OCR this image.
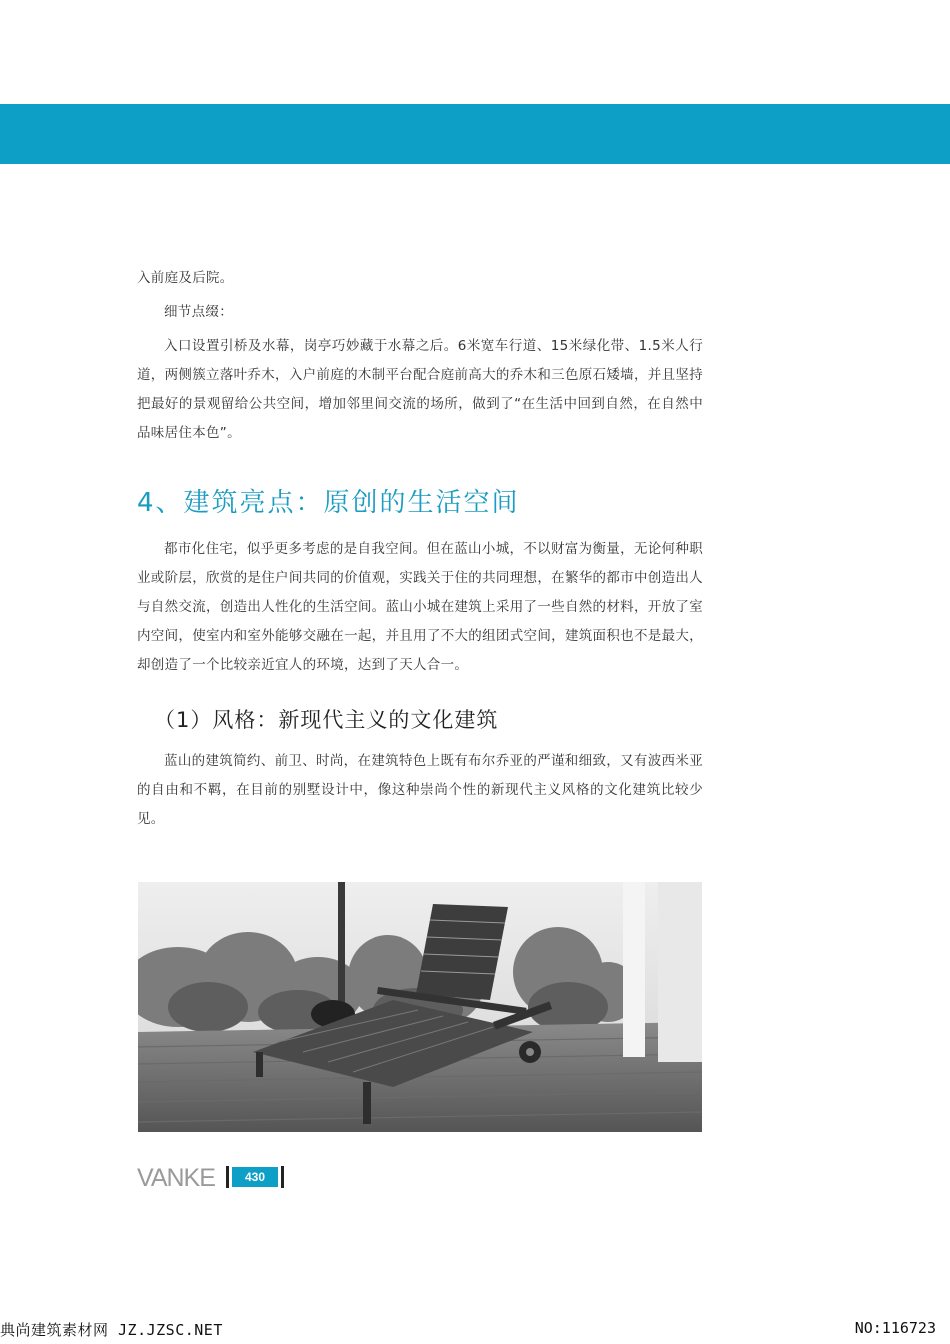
入前庭及后院。

细节点缀：

入口设置引桥及水幕，岗亭巧妙藏于水幕之后。6米宽车行道、15米绿化带、1.5米人行道，两侧簇立落叶乔木，入户前庭的木制平台配合庭前高大的乔木和三色原石矮墙，并且坚持把最好的景观留给公共空间，增加邻里间交流的场所，做到了“在生活中回到自然，在自然中品味居住本色”。

4、建筑亮点：原创的生活空间

都市化住宅，似乎更多考虑的是自我空间。但在蓝山小城，不以财富为衡量，无论何种职业或阶层，欣赏的是住户间共同的价值观，实践关于住的共同理想，在繁华的都市中创造出人与自然交流，创造出人性化的生活空间。蓝山小城在建筑上采用了一些自然的材料，开放了室内空间，使室内和室外能够交融在一起，并且用了不大的组团式空间，建筑面积也不是最大，却创造了一个比较亲近宜人的环境，达到了天人合一。

（1）风格：新现代主义的文化建筑

蓝山的建筑简约、前卫、时尚，在建筑特色上既有布尔乔亚的严谨和细致，又有波西米亚的自由和不羁，在目前的别墅设计中，像这种崇尚个性的新现代主义风格的文化建筑比较少见。

VANKE	430
典尚建筑素材网 JZ.JZSC.NET	NO:116723
